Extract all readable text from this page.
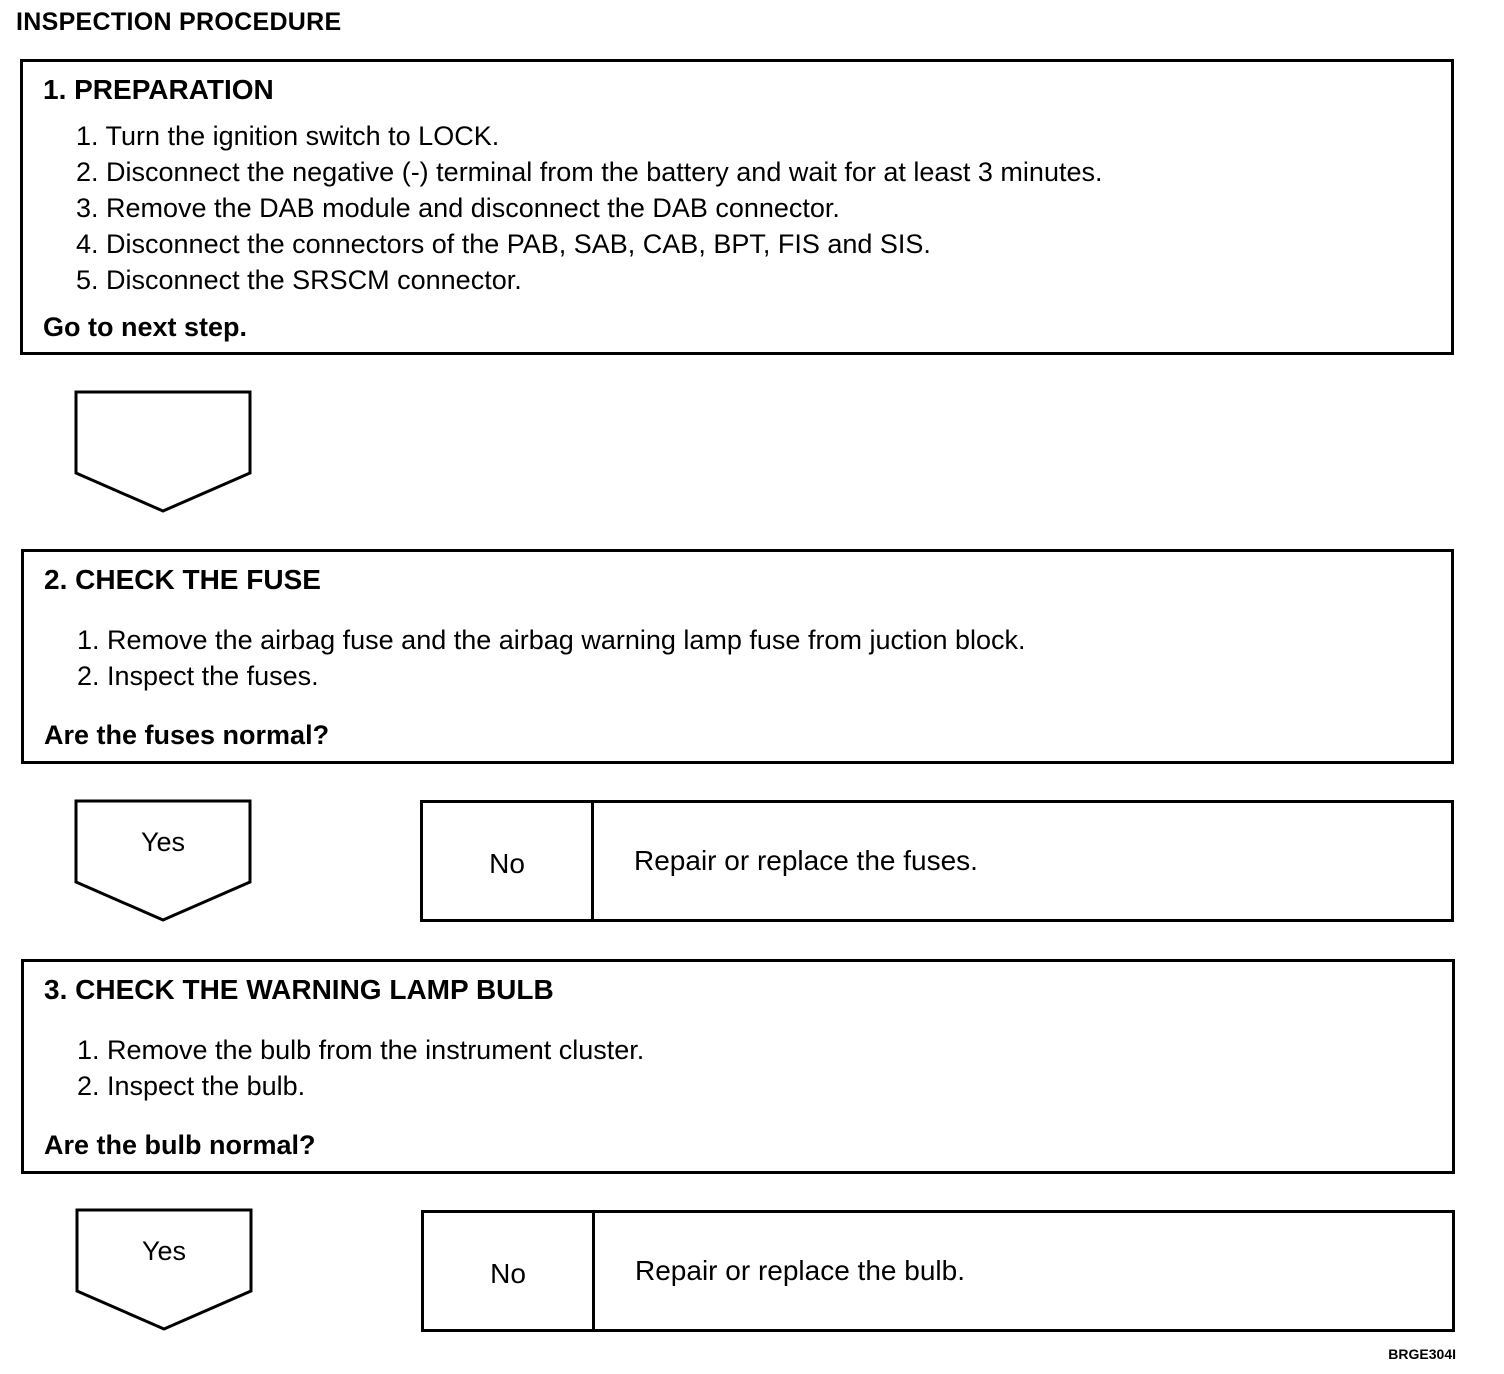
INSPECTION PROCEDURE
1. PREPARATION
1. Turn the ignition switch to LOCK.
2. Disconnect the negative (-) terminal from the battery and wait for at least 3 minutes.
3. Remove the DAB module and disconnect the DAB connector.
4. Disconnect the connectors of the PAB, SAB, CAB, BPT, FIS and SIS.
5. Disconnect the SRSCM connector.
Go to next step.
2. CHECK THE FUSE
1. Remove the airbag fuse and the airbag warning lamp fuse from juction block.
2. Inspect the fuses.
Are the fuses normal?
Yes
No	Repair or replace the fuses.
3. CHECK THE WARNING LAMP BULB
1. Remove the bulb from the instrument cluster.
2. Inspect the bulb.
Are the bulb normal?
Yes
No	Repair or replace the bulb.
BRGE304I
